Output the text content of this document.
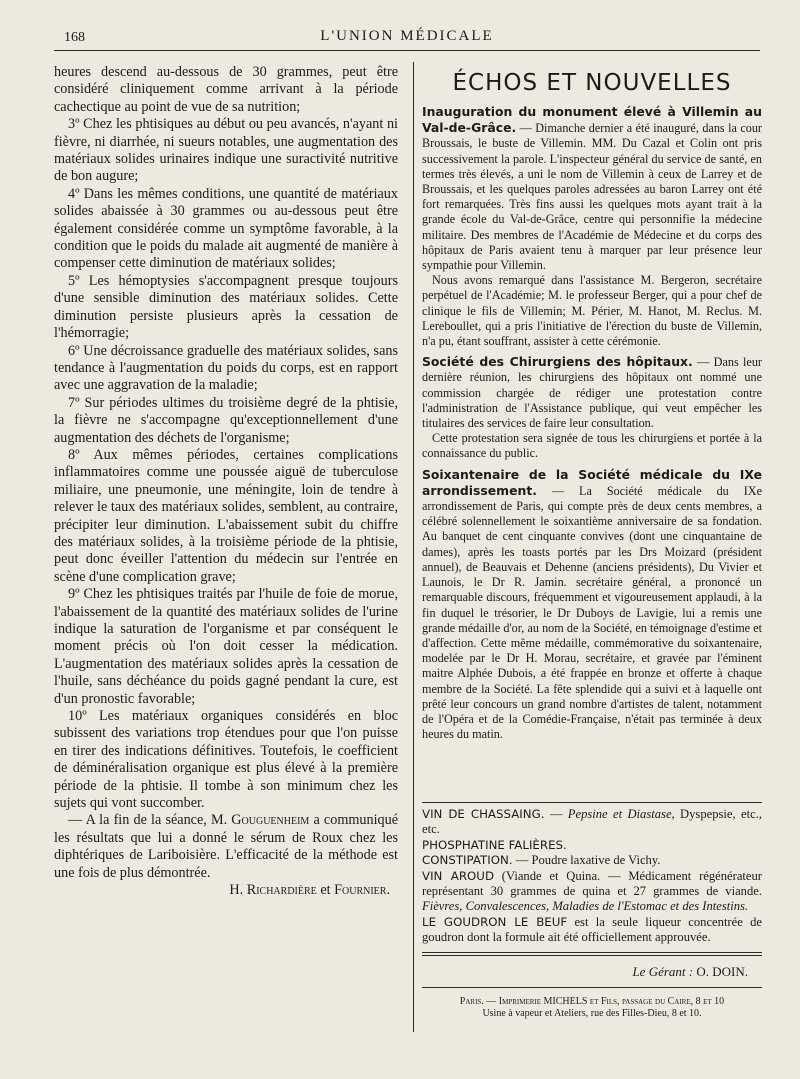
168	L'UNION MÉDICALE

heures descend au-dessous de 30 grammes, peut être considéré cliniquement comme arrivant à la période cachectique au point de vue de sa nutrition;

3º Chez les phtisiques au début ou peu avancés, n'ayant ni fièvre, ni diarrhée, ni sueurs notables, une augmentation des matériaux solides urinaires indique une suractivité nutritive de bon augure;

4º Dans les mêmes conditions, une quantité de matériaux solides abaissée à 30 grammes ou au-dessous peut être également considérée comme un symptôme favorable, à la condition que le poids du malade ait augmenté de manière à compenser cette diminution de matériaux solides;

5º Les hémoptysies s'accompagnent presque toujours d'une sensible diminution des matériaux solides. Cette diminution persiste plusieurs après la cessation de l'hémorragie;

6º Une décroissance graduelle des matériaux solides, sans tendance à l'augmentation du poids du corps, est en rapport avec une aggravation de la maladie;

7º Sur périodes ultimes du troisième degré de la phtisie, la fièvre ne s'accompagne qu'exceptionnellement d'une augmentation des déchets de l'organisme;

8º Aux mêmes périodes, certaines complications inflammatoires comme une poussée aiguë de tuberculose miliaire, une pneumonie, une méningite, loin de tendre à relever le taux des matériaux solides, semblent, au contraire, précipiter leur diminution. L'abaissement subit du chiffre des matériaux solides, à la troisième période de la phtisie, peut donc éveiller l'attention du médecin sur l'entrée en scène d'une complication grave;

9º Chez les phtisiques traités par l'huile de foie de morue, l'abaissement de la quantité des matériaux solides de l'urine indique la saturation de l'organisme et par conséquent le moment précis où l'on doit cesser la médication. L'augmentation des matériaux solides après la cessation de l'huile, sans déchéance du poids gagné pendant la cure, est d'un pronostic favorable;

10º Les matériaux organiques considérés en bloc subissent des variations trop étendues pour que l'on puisse en tirer des indications définitives. Toutefois, le coefficient de déminéralisation organique est plus élevé à la première période de la phtisie. Il tombe à son minimum chez les sujets qui vont succomber.

— A la fin de la séance, M. Gouguenheim a communiqué les résultats que lui a donné le sérum de Roux chez les diphtériques de Lariboisière. L'efficacité de la méthode est une fois de plus démontrée.

H. Richardière et Fournier.

ÉCHOS ET NOUVELLES

Inauguration du monument élevé à Villemin au Val-de-Grâce. — Dimanche dernier a été inauguré, dans la cour Broussais, le buste de Villemin. MM. Du Cazal et Colin ont pris successivement la parole. L'inspecteur général du service de santé, en termes très élevés, a uni le nom de Villemin à ceux de Larrey et de Broussais, et les quelques paroles adressées au baron Larrey ont été fort remarquées. Très fins aussi les quelques mots ayant trait à la grande école du Val-de-Grâce, centre qui personnifie la médecine militaire. Des membres de l'Académie de Médecine et du corps des hôpitaux de Paris avaient tenu à marquer par leur présence leur sympathie pour Villemin.

Nous avons remarqué dans l'assistance M. Bergeron, secrétaire perpétuel de l'Académie; M. le professeur Berger, qui a pour chef de clinique le fils de Villemin; M. Périer, M. Hanot, M. Reclus. M. Lereboullet, qui a pris l'initiative de l'érection du buste de Villemin, n'a pu, étant souffrant, assister à cette cérémonie.

Société des Chirurgiens des hôpitaux. — Dans leur dernière réunion, les chirurgiens des hôpitaux ont nommé une commission chargée de rédiger une protestation contre l'administration de l'Assistance publique, qui veut empêcher les titulaires des services de faire leur consultation.

Cette protestation sera signée de tous les chirurgiens et portée à la connaissance du public.

Soixantenaire de la Société médicale du IXe arrondissement. — La Société médicale du IXe arrondissement de Paris, qui compte près de deux cents membres, a célébré solennellement le soixantième anniversaire de sa fondation. Au banquet de cent cinquante convives (dont une cinquantaine de dames), après les toasts portés par les Drs Moizard (président annuel), de Beauvais et Dehenne (anciens présidents), Du Vivier et Launois, le Dr R. Jamin. secrétaire général, a prononcé un remarquable discours, fréquemment et vigoureusement applaudi, à la fin duquel le trésorier, le Dr Duboys de Lavigie, lui a remis une grande médaille d'or, au nom de la Société, en témoignage d'estime et d'affection. Cette même médaille, commémorative du soixantenaire, modelée par le Dr H. Morau, secrétaire, et gravée par l'éminent maitre Alphée Dubois, a été frappée en bronze et offerte à chaque membre de la Société. La fête splendide qui a suivi et à laquelle ont prêté leur concours un grand nombre d'artistes de talent, notamment de l'Opéra et de la Comédie-Française, n'était pas terminée à deux heures du matin.

VIN DE CHASSAING. — Pepsine et Diastase, Dyspepsie, etc., etc.

PHOSPHATINE FALIÈRES.

CONSTIPATION. — Poudre laxative de Vichy.

VIN AROUD (Viande et Quina. — Médicament régénérateur représentant 30 grammes de quina et 27 grammes de viande. Fièvres, Convalescences, Maladies de l'Estomac et des Intestins.

LE GOUDRON LE BEUF est la seule liqueur concentrée de goudron dont la formule ait été officiellement approuvée.

Le Gérant : O. DOIN.
Paris. — Imprimerie MICHELS et Fils, passage du Caire, 8 et 10
Usine à vapeur et Ateliers, rue des Filles-Dieu, 8 et 10.
